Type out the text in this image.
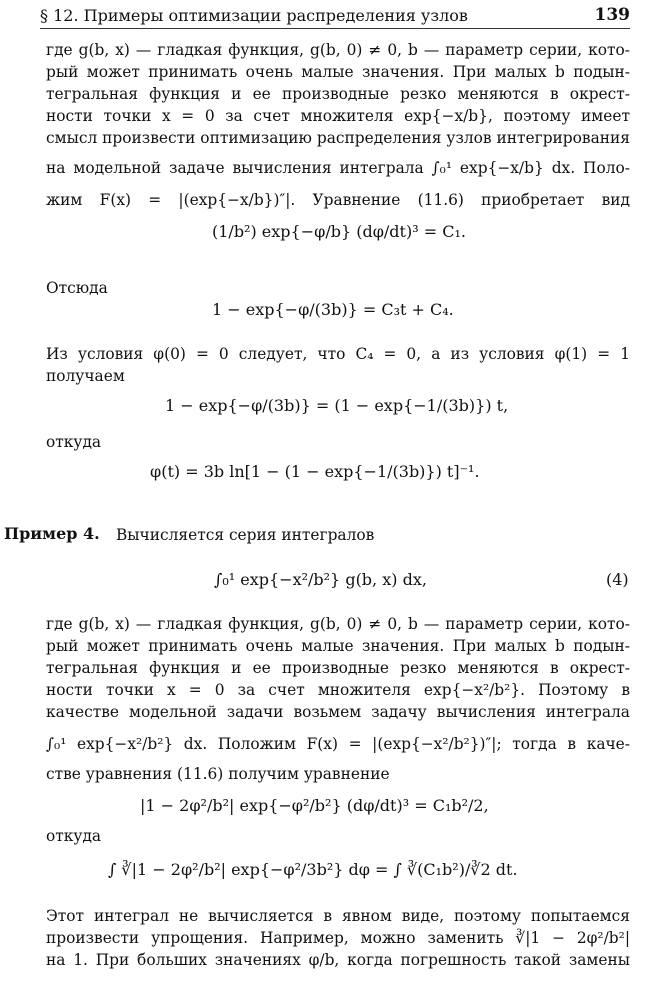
§ 12. Примеры оптимизации распределения узлов	139
где g(b, x) — гладкая функция, g(b, 0) ≠ 0, b — параметр серии, кото-
рый может принимать очень малые значения. При малых b подын-
тегральная функция и ее производные резко меняются в окрест-
ности точки x = 0 за счет множителя exp{−x/b}, поэтому имеет
смысл произвести оптимизацию распределения узлов интегрирования
на модельной задаче вычисления интеграла ∫₀¹ exp{−x/b} dx. Поло-
жим F(x) = |(exp{−x/b})″|. Уравнение (11.6) приобретает вид
(1/b²) exp{−φ/b} (dφ/dt)³ = C₁.
Отсюда
1 − exp{−φ/(3b)} = C₃t + C₄.
Из условия φ(0) = 0 следует, что C₄ = 0, а из условия φ(1) = 1
получаем
1 − exp{−φ/(3b)} = (1 − exp{−1/(3b)}) t,
откуда
φ(t) = 3b ln[1 − (1 − exp{−1/(3b)}) t]⁻¹.
Пример 4. Вычисляется серия интегралов
∫₀¹ exp{−x²/b²} g(b, x) dx,	(4)
где g(b, x) — гладкая функция, g(b, 0) ≠ 0, b — параметр серии, кото-
рый может принимать очень малые значения. При малых b подын-
тегральная функция и ее производные резко меняются в окрест-
ности точки x = 0 за счет множителя exp{−x²/b²}. Поэтому в
качестве модельной задачи возьмем задачу вычисления интеграла
∫₀¹ exp{−x²/b²} dx. Положим F(x) = |(exp{−x²/b²})″|; тогда в каче-
стве уравнения (11.6) получим уравнение
|1 − 2φ²/b²| exp{−φ²/b²} (dφ/dt)³ = C₁b²/2,
откуда
∫ ∛|1 − 2φ²/b²| exp{−φ²/3b²} dφ = ∫ ∛(C₁b²)/∛2 dt.
Этот интеграл не вычисляется в явном виде, поэтому попытаемся
произвести упрощения. Например, можно заменить ∛|1 − 2φ²/b²|
на 1. При больших значениях φ/b, когда погрешность такой замены
